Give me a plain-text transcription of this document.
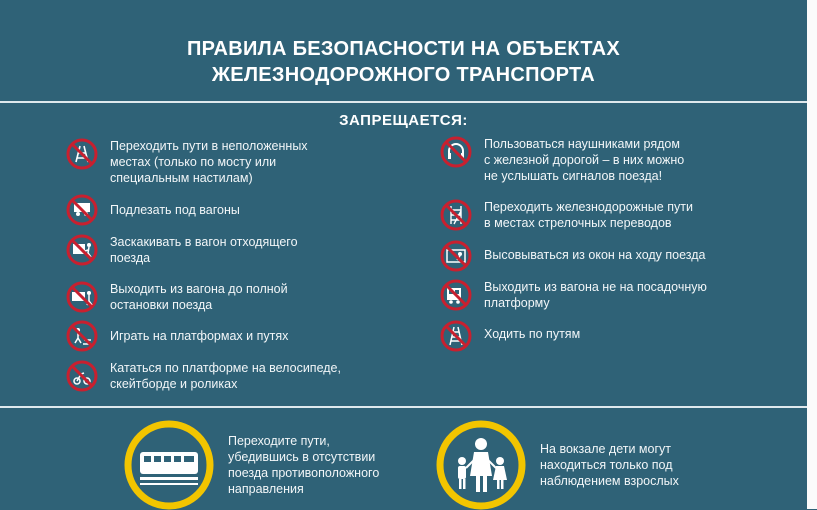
ПРАВИЛА БЕЗОПАСНОСТИ НА ОБЪЕКТАХ
ЖЕЛЕЗНОДОРОЖНОГО ТРАНСПОРТА
ЗАПРЕЩАЕТСЯ:
Переходить пути в неположенных
местах (только по мосту или
специальным настилам)
Подлезать под вагоны
Заскакивать в вагон отходящего
поезда
Выходить из вагона до полной
остановки поезда
Играть на платформах и путях
Кататься по платформе на велосипеде,
скейтборде и роликах
Пользоваться наушниками рядом
с железной дорогой – в них можно
не услышать сигналов поезда!
Переходить железнодорожные пути
в местах стрелочных переводов
Высовываться из окон на ходу поезда
Выходить из вагона не на посадочную
платформу
Ходить по путям
Переходите пути,
убедившись в отсутствии
поезда противоположного
направления
На вокзале дети могут
находиться только под
наблюдением взрослых
